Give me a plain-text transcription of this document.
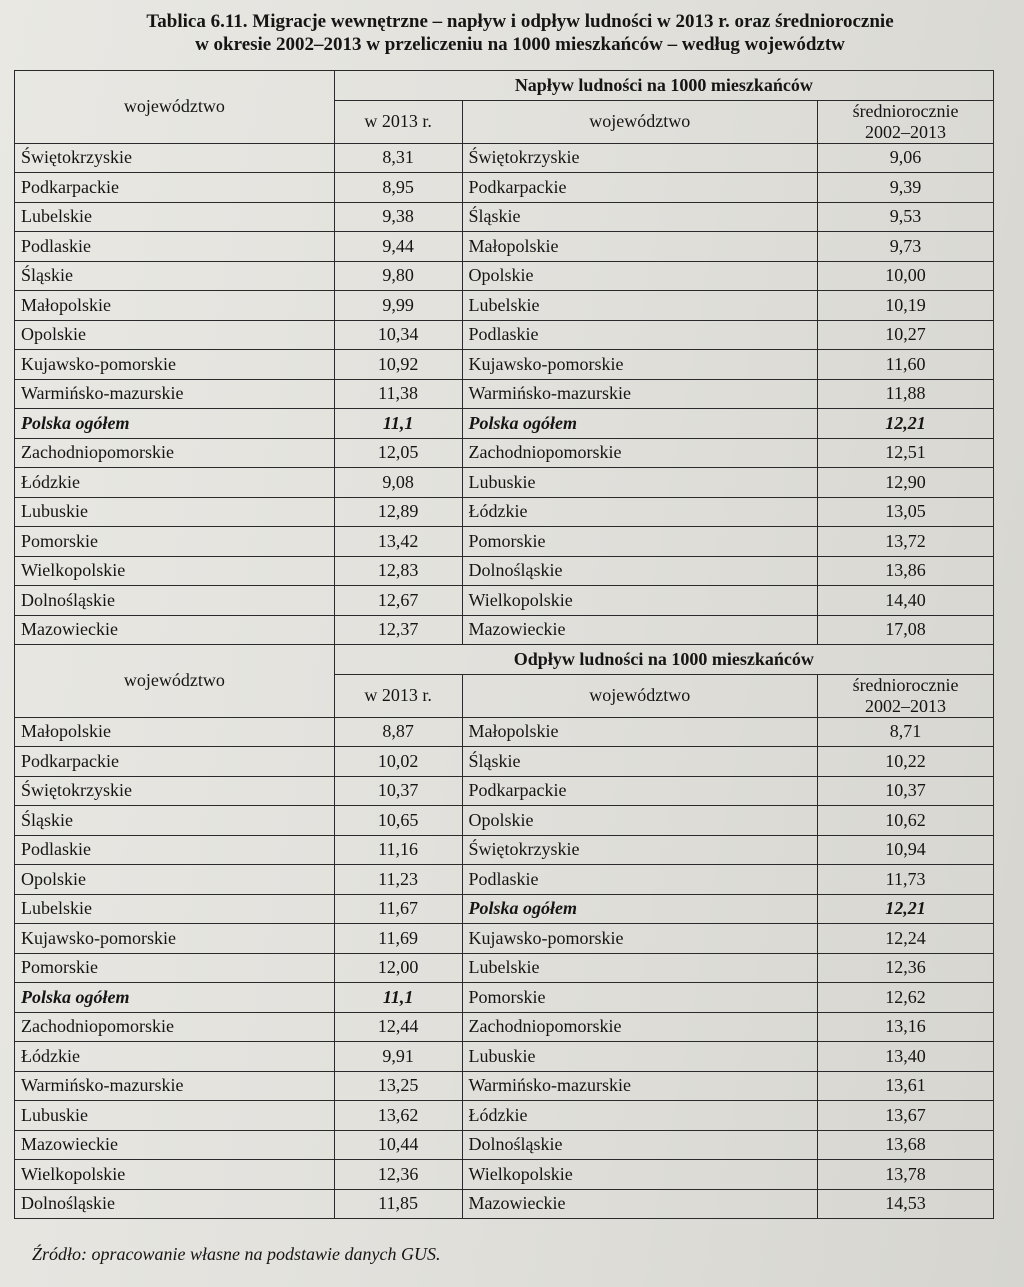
Tablica 6.11. Migracje wewnętrzne – napływ i odpływ ludności w 2013 r. oraz średniorocznie
w okresie 2002–2013 w przeliczeniu na 1000 mieszkańców – według województw
województwo	Napływ ludności na 1000 mieszkańców		
	w 2013 r.	województwo	średniorocznie
2002–2013

Świętokrzyskie	8,31	Świętokrzyskie	9,06
Podkarpackie	8,95	Podkarpackie	9,39
Lubelskie	9,38	Śląskie	9,53
Podlaskie	9,44	Małopolskie	9,73
Śląskie	9,80	Opolskie	10,00
Małopolskie	9,99	Lubelskie	10,19
Opolskie	10,34	Podlaskie	10,27
Kujawsko-pomorskie	10,92	Kujawsko-pomorskie	11,60
Warmińsko-mazurskie	11,38	Warmińsko-mazurskie	11,88
Polska ogółem	11,1	Polska ogółem	12,21
Zachodniopomorskie	12,05	Zachodniopomorskie	12,51
Łódzkie	9,08	Lubuskie	12,90
Lubuskie	12,89	Łódzkie	13,05
Pomorskie	13,42	Pomorskie	13,72
Wielkopolskie	12,83	Dolnośląskie	13,86
Dolnośląskie	12,67	Wielkopolskie	14,40
Mazowieckie	12,37	Mazowieckie	17,08
województwo	Odpływ ludności na 1000 mieszkańców		
	w 2013 r.	województwo	średniorocznie
2002–2013

Małopolskie	8,87	Małopolskie	8,71
Podkarpackie	10,02	Śląskie	10,22
Świętokrzyskie	10,37	Podkarpackie	10,37
Śląskie	10,65	Opolskie	10,62
Podlaskie	11,16	Świętokrzyskie	10,94
Opolskie	11,23	Podlaskie	11,73
Lubelskie	11,67	Polska ogółem	12,21
Kujawsko-pomorskie	11,69	Kujawsko-pomorskie	12,24
Pomorskie	12,00	Lubelskie	12,36
Polska ogółem	11,1	Pomorskie	12,62
Zachodniopomorskie	12,44	Zachodniopomorskie	13,16
Łódzkie	9,91	Lubuskie	13,40
Warmińsko-mazurskie	13,25	Warmińsko-mazurskie	13,61
Lubuskie	13,62	Łódzkie	13,67
Mazowieckie	10,44	Dolnośląskie	13,68
Wielkopolskie	12,36	Wielkopolskie	13,78
Dolnośląskie	11,85	Mazowieckie	14,53
Źródło: opracowanie własne na podstawie danych GUS.
